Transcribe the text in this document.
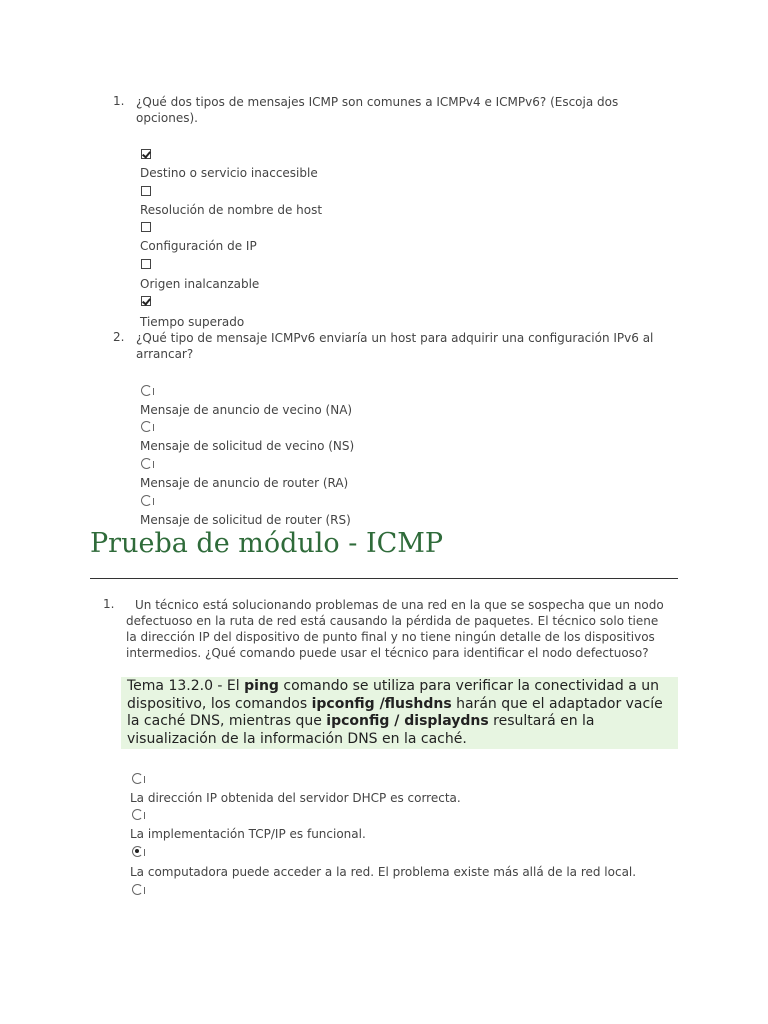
1. ¿Qué dos tipos de mensajes ICMP son comunes a ICMPv4 e ICMPv6? (Escoja dos opciones).
Destino o servicio inaccesible
Resolución de nombre de host
Configuración de IP
Origen inalcanzable
Tiempo superado
2. ¿Qué tipo de mensaje ICMPv6 enviaría un host para adquirir una configuración IPv6 al arrancar?
Mensaje de anuncio de vecino (NA)
Mensaje de solicitud de vecino (NS)
Mensaje de anuncio de router (RA)
Mensaje de solicitud de router (RS)
Prueba de módulo - ICMP
1.	Un técnico está solucionando problemas de una red en la que se sospecha que un nodo defectuoso en la ruta de red está causando la pérdida de paquetes. El técnico solo tiene la dirección IP del dispositivo de punto final y no tiene ningún detalle de los dispositivos intermedios. ¿Qué comando puede usar el técnico para identificar el nodo defectuoso?
Tema 13.2.0 - El ping comando se utiliza para verificar la conectividad a un dispositivo, los comandos ipconfig /flushdns harán que el adaptador vacíe la caché DNS, mientras que ipconfig / displaydns resultará en la visualización de la información DNS en la caché.
La dirección IP obtenida del servidor DHCP es correcta.
La implementación TCP/IP es funcional.
La computadora puede acceder a la red. El problema existe más allá de la red local.
